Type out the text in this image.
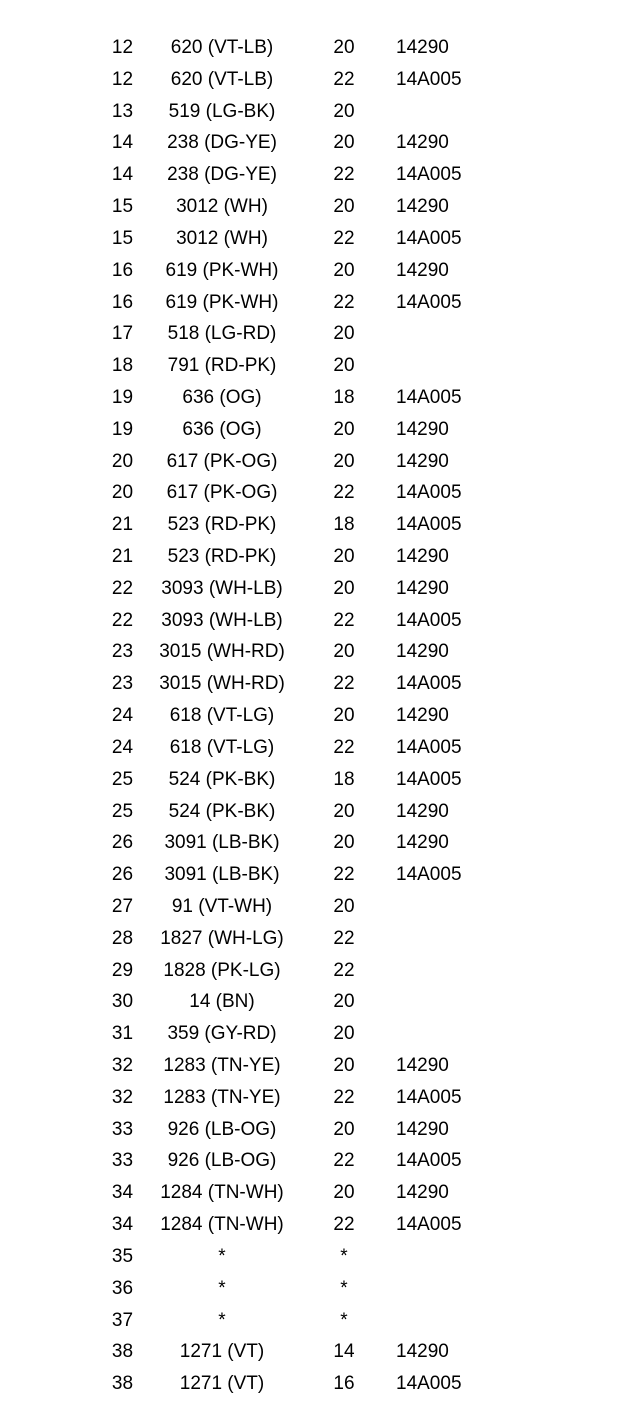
12	620 (VT-LB)	20	14290
12	620 (VT-LB)	22	14A005
13	519 (LG-BK)	20
14	238 (DG-YE)	20	14290
14	238 (DG-YE)	22	14A005
15	3012 (WH)	20	14290
15	3012 (WH)	22	14A005
16	619 (PK-WH)	20	14290
16	619 (PK-WH)	22	14A005
17	518 (LG-RD)	20
18	791 (RD-PK)	20
19	636 (OG)	18	14A005
19	636 (OG)	20	14290
20	617 (PK-OG)	20	14290
20	617 (PK-OG)	22	14A005
21	523 (RD-PK)	18	14A005
21	523 (RD-PK)	20	14290
22	3093 (WH-LB)	20	14290
22	3093 (WH-LB)	22	14A005
23	3015 (WH-RD)	20	14290
23	3015 (WH-RD)	22	14A005
24	618 (VT-LG)	20	14290
24	618 (VT-LG)	22	14A005
25	524 (PK-BK)	18	14A005
25	524 (PK-BK)	20	14290
26	3091 (LB-BK)	20	14290
26	3091 (LB-BK)	22	14A005
27	91 (VT-WH)	20
28	1827 (WH-LG)	22
29	1828 (PK-LG)	22
30	14 (BN)	20
31	359 (GY-RD)	20
32	1283 (TN-YE)	20	14290
32	1283 (TN-YE)	22	14A005
33	926 (LB-OG)	20	14290
33	926 (LB-OG)	22	14A005
34	1284 (TN-WH)	20	14290
34	1284 (TN-WH)	22	14A005
35	*	*
36	*	*
37	*	*
38	1271 (VT)	14	14290
38	1271 (VT)	16	14A005
